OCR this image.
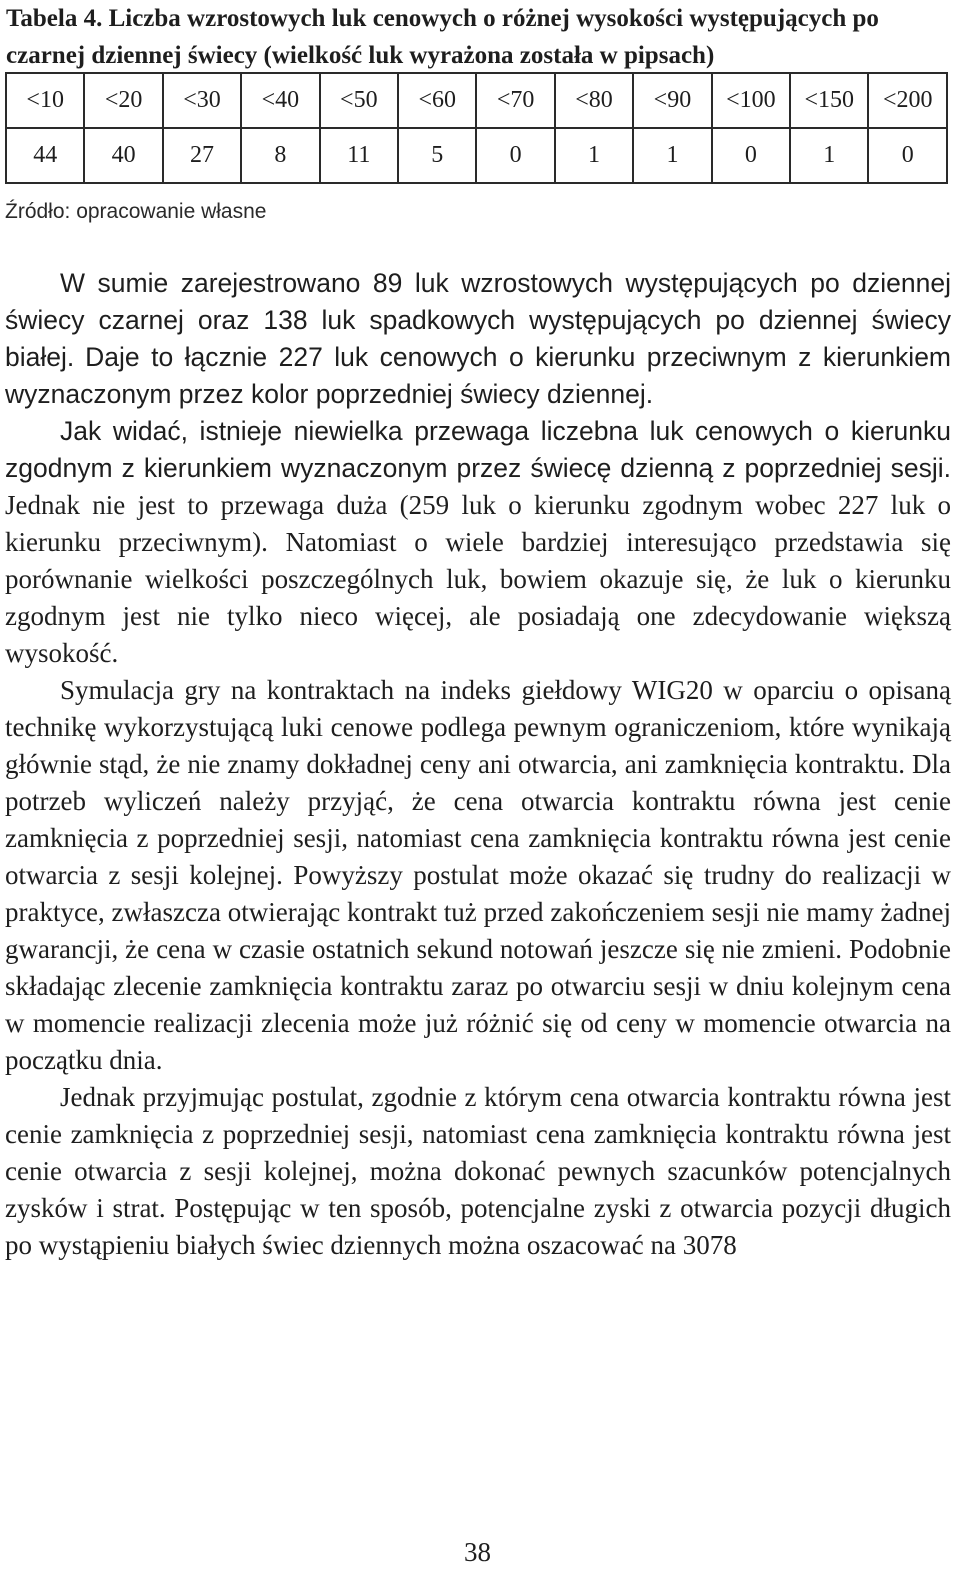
Tabela 4. Liczba wzrostowych luk cenowych o różnej wysokości występujących po czarnej dziennej świecy (wielkość luk wyrażona została w pipsach)
<10	<20	<30	<40	<50	<60	<70	<80	<90	<100	<150	<200
44	40	27	8	11	5	0	1	1	0	1	0
Źródło: opracowanie własne

W sumie zarejestrowano 89 luk wzrostowych występujących po dziennej świecy czarnej oraz 138 luk spadkowych występujących po dziennej świecy białej. Daje to łącznie 227 luk cenowych o kierunku przeciwnym z kierunkiem wyznaczonym przez kolor poprzedniej świecy dziennej.

Jak widać, istnieje niewielka przewaga liczebna luk cenowych o kierunku zgodnym z kierunkiem wyznaczonym przez świecę dzienną z poprzedniej sesji. Jednak nie jest to przewaga duża (259 luk o kierunku zgodnym wobec 227 luk o kierunku przeciwnym). Natomiast o wiele bardziej interesująco przedstawia się porównanie wielkości poszczególnych luk, bowiem okazuje się, że luk o kierunku zgodnym jest nie tylko nieco więcej, ale posiadają one zdecydowanie większą wysokość.

Symulacja gry na kontraktach na indeks giełdowy WIG20 w oparciu o opisaną technikę wykorzystującą luki cenowe podlega pewnym ograniczeniom, które wynikają głównie stąd, że nie znamy dokładnej ceny ani otwarcia, ani zamknięcia kontraktu. Dla potrzeb wyliczeń należy przyjąć, że cena otwarcia kontraktu równa jest cenie zamknięcia z poprzedniej sesji, natomiast cena zamknięcia kontraktu równa jest cenie otwarcia z sesji kolejnej. Powyższy postulat może okazać się trudny do realizacji w praktyce, zwłaszcza otwierając kontrakt tuż przed zakończeniem sesji nie mamy żadnej gwarancji, że cena w czasie ostatnich sekund notowań jeszcze się nie zmieni. Podobnie składając zlecenie zamknięcia kontraktu zaraz po otwarciu sesji w dniu kolejnym cena w momencie realizacji zlecenia może już różnić się od ceny w momencie otwarcia na początku dnia.

Jednak przyjmując postulat, zgodnie z którym cena otwarcia kontraktu równa jest cenie zamknięcia z poprzedniej sesji, natomiast cena zamknięcia kontraktu równa jest cenie otwarcia z sesji kolejnej, można dokonać pewnych szacunków potencjalnych zysków i strat. Postępując w ten sposób, potencjalne zyski z otwarcia pozycji długich po wystąpieniu białych świec dziennych można oszacować na 3078

38
